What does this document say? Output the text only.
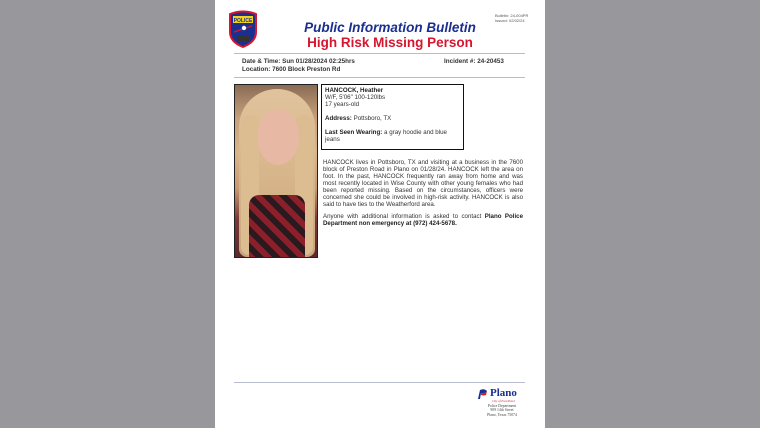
POLICE
Bulletin: 24-004PR
Issued: 02/02/24
Public Information Bulletin
High Risk Missing Person
Date & Time: Sun 01/28/2024 02:25hrs
Location: 7600 Block Preston Rd
Incident #: 24-20453
HANCOCK, Heather
W/F, 5'06" 100-120lbs
17 years-old
Address: Pottsboro, TX
Last Seen Wearing: a gray hoodie and blue jeans
HANCOCK lives in Pottsboro, TX and visiting at a business in the 7600 block of Preston Road in Plano on 01/28/24. HANCOCK left the area on foot. In the past, HANCOCK frequently ran away from home and was most recently located in Wise County with other young females who had been reported missing. Based on the circumstances, officers were concerned she could be involved in high-risk activity. HANCOCK is also said to have ties to the Weatherford area.
Anyone with additional information is asked to contact Plano Police Department non emergency at (972) 424-5678.
Plano
City of Excellence
Police Department
909 14th Street
Plano, Texas 75074
